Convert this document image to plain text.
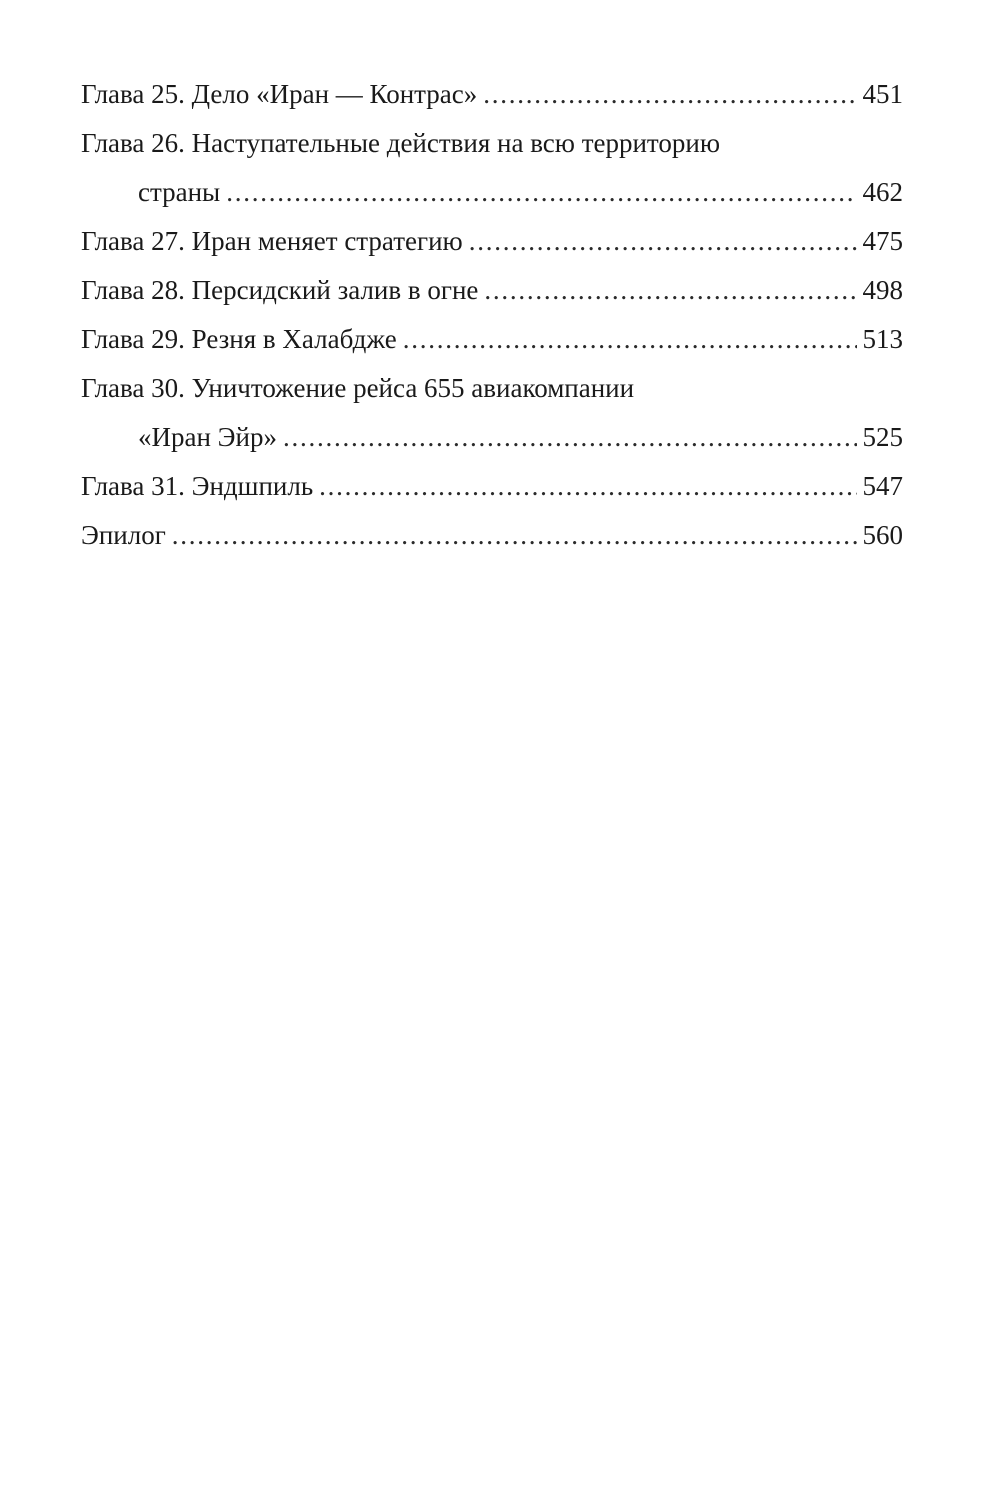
Глава 25. Дело «Иран — Контрас» . . .	451
Глава 26. Наступательные действия на всю территорию
страны . . .	462
Глава 27. Иран меняет стратегию . . .	475
Глава 28. Персидский залив в огне . . .	498
Глава 29. Резня в Халабдже . . .	513
Глава 30. Уничтожение рейса 655 авиакомпании
«Иран Эйр» . . .	525
Глава 31. Эндшпиль . . .	547
Эпилог . . .	560
